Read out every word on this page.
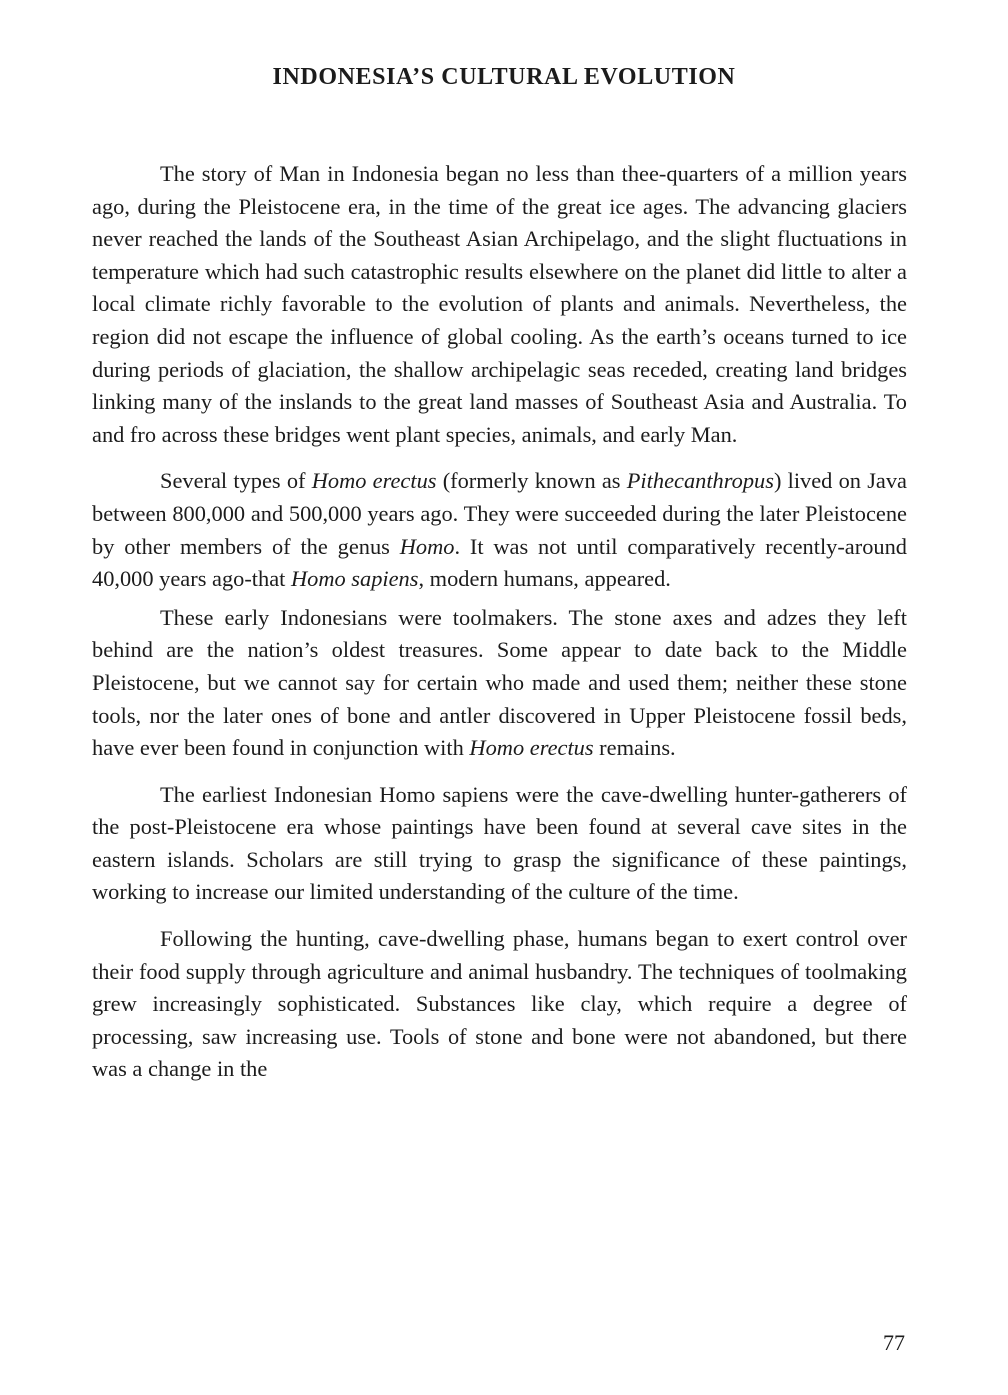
INDONESIA’S CULTURAL EVOLUTION

The story of Man in Indonesia began no less than thee-quarters of a million years ago, during the Pleistocene era, in the time of the great ice ages. The advancing glaciers never reached the lands of the Southeast Asian Archipelago, and the slight fluctuations in temperature which had such catastrophic results elsewhere on the planet did little to alter a local climate richly favorable to the evolution of plants and animals. Nevertheless, the region did not escape the influence of global cooling. As the earth’s oceans turned to ice during periods of glaciation, the shallow archipelagic seas receded, creating land bridges linking many of the inslands to the great land masses of Southeast Asia and Australia. To and fro across these bridges went plant species, animals, and early Man.

Several types of Homo erectus (formerly known as Pithecanthropus) lived on Java between 800,000 and 500,000 years ago. They were succeeded during the later Pleistocene by other members of the genus Homo. It was not until comparatively recently-around 40,000 years ago-that Homo sapiens, modern humans, appeared.

These early Indonesians were toolmakers. The stone axes and adzes they left behind are the nation’s oldest treasures. Some appear to date back to the Middle Pleistocene, but we cannot say for certain who made and used them; neither these stone tools, nor the later ones of bone and antler discovered in Upper Pleistocene fossil beds, have ever been found in conjunction with Homo erectus remains.

The earliest Indonesian Homo sapiens were the cave-dwelling hunter-gatherers of the post-Pleistocene era whose paintings have been found at several cave sites in the eastern islands. Scholars are still trying to grasp the significance of these paintings, working to increase our limited understanding of the culture of the time.

Following the hunting, cave-dwelling phase, humans began to exert control over their food supply through agriculture and animal husbandry. The techniques of toolmaking grew increasingly sophisticated. Substances like clay, which require a degree of processing, saw increasing use. Tools of stone and bone were not abandoned, but there was a change in the

77
